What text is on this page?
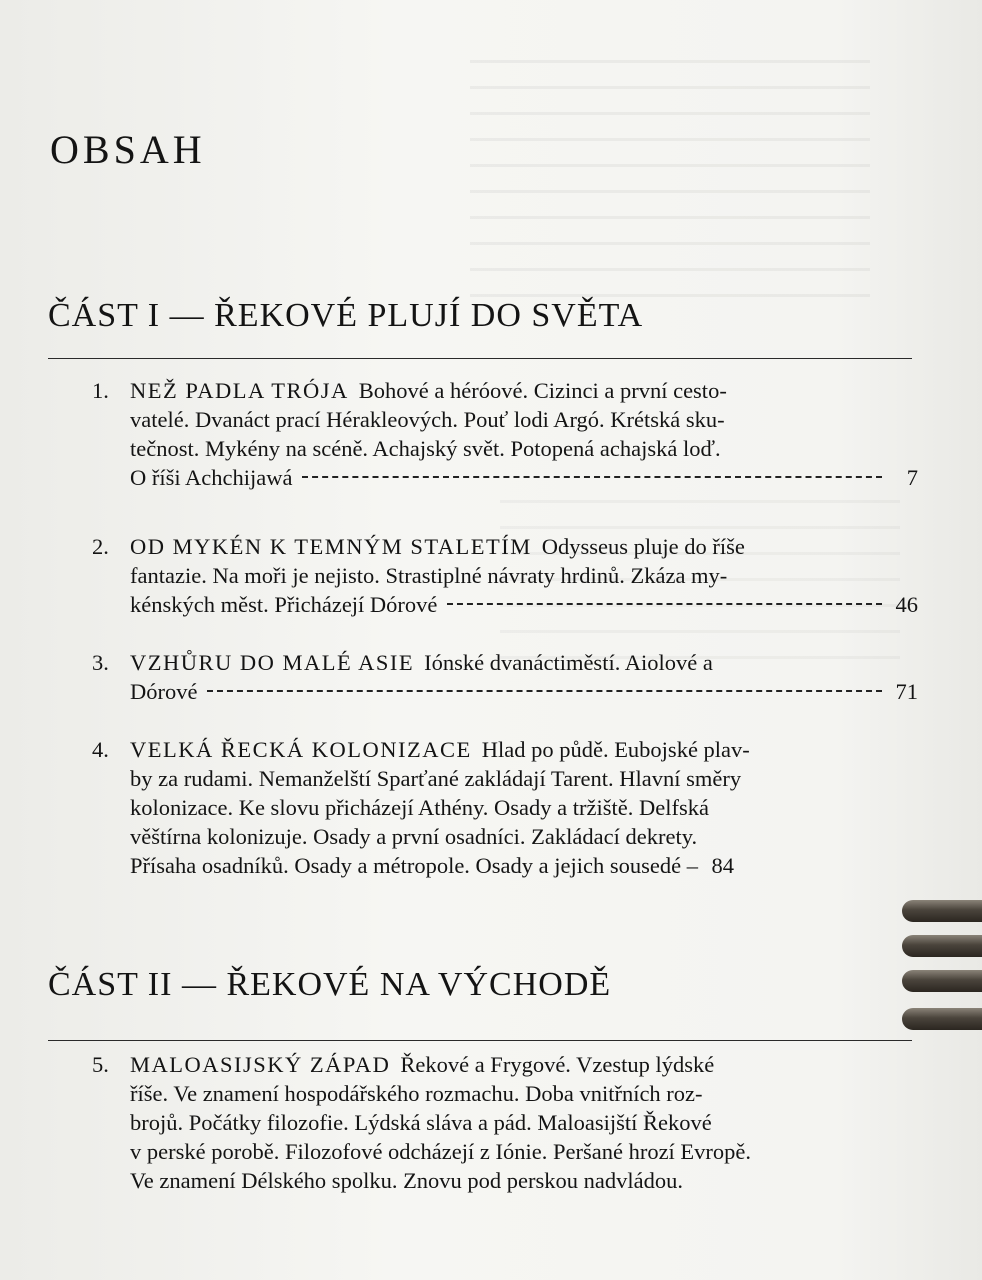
OBSAH
ČÁST I — ŘEKOVÉ PLUJÍ DO SVĚTA
1. NEŽ PADLA TRÓJA Bohové a héróové. Cizinci a první cesto-
vatelé. Dvanáct prací Hérakleových. Pouť lodi Argó. Krétská sku-
tečnost. Mykény na scéně. Achajský svět. Potopená achajská loď.
O říši Achchijawá	7
2. OD MYKÉN K TEMNÝM STALETÍM Odysseus pluje do říše
fantazie. Na moři je nejisto. Strastiplné návraty hrdinů. Zkáza my-
kénských měst. Přicházejí Dórové	46
3. VZHŮRU DO MALÉ ASIE Iónské dvanáctiměstí. Aiolové a
Dórové	71
4. VELKÁ ŘECKÁ KOLONIZACE Hlad po půdě. Eubojské plav-
by za rudami. Nemanželští Sparťané zakládají Tarent. Hlavní směry
kolonizace. Ke slovu přicházejí Athény. Osady a tržiště. Delfská
věštírna kolonizuje. Osady a první osadníci. Zakládací dekrety.
Přísaha osadníků. Osady a métropole. Osady a jejich sousedé – 84
ČÁST II — ŘEKOVÉ NA VÝCHODĚ
5. MALOASIJSKÝ ZÁPAD Řekové a Frygové. Vzestup lýdské
říše. Ve znamení hospodářského rozmachu. Doba vnitřních roz-
brojů. Počátky filozofie. Lýdská sláva a pád. Maloasijští Řekové
v perské porobě. Filozofové odcházejí z Iónie. Peršané hrozí Evropě.
Ve znamení Délského spolku. Znovu pod perskou nadvládou.
